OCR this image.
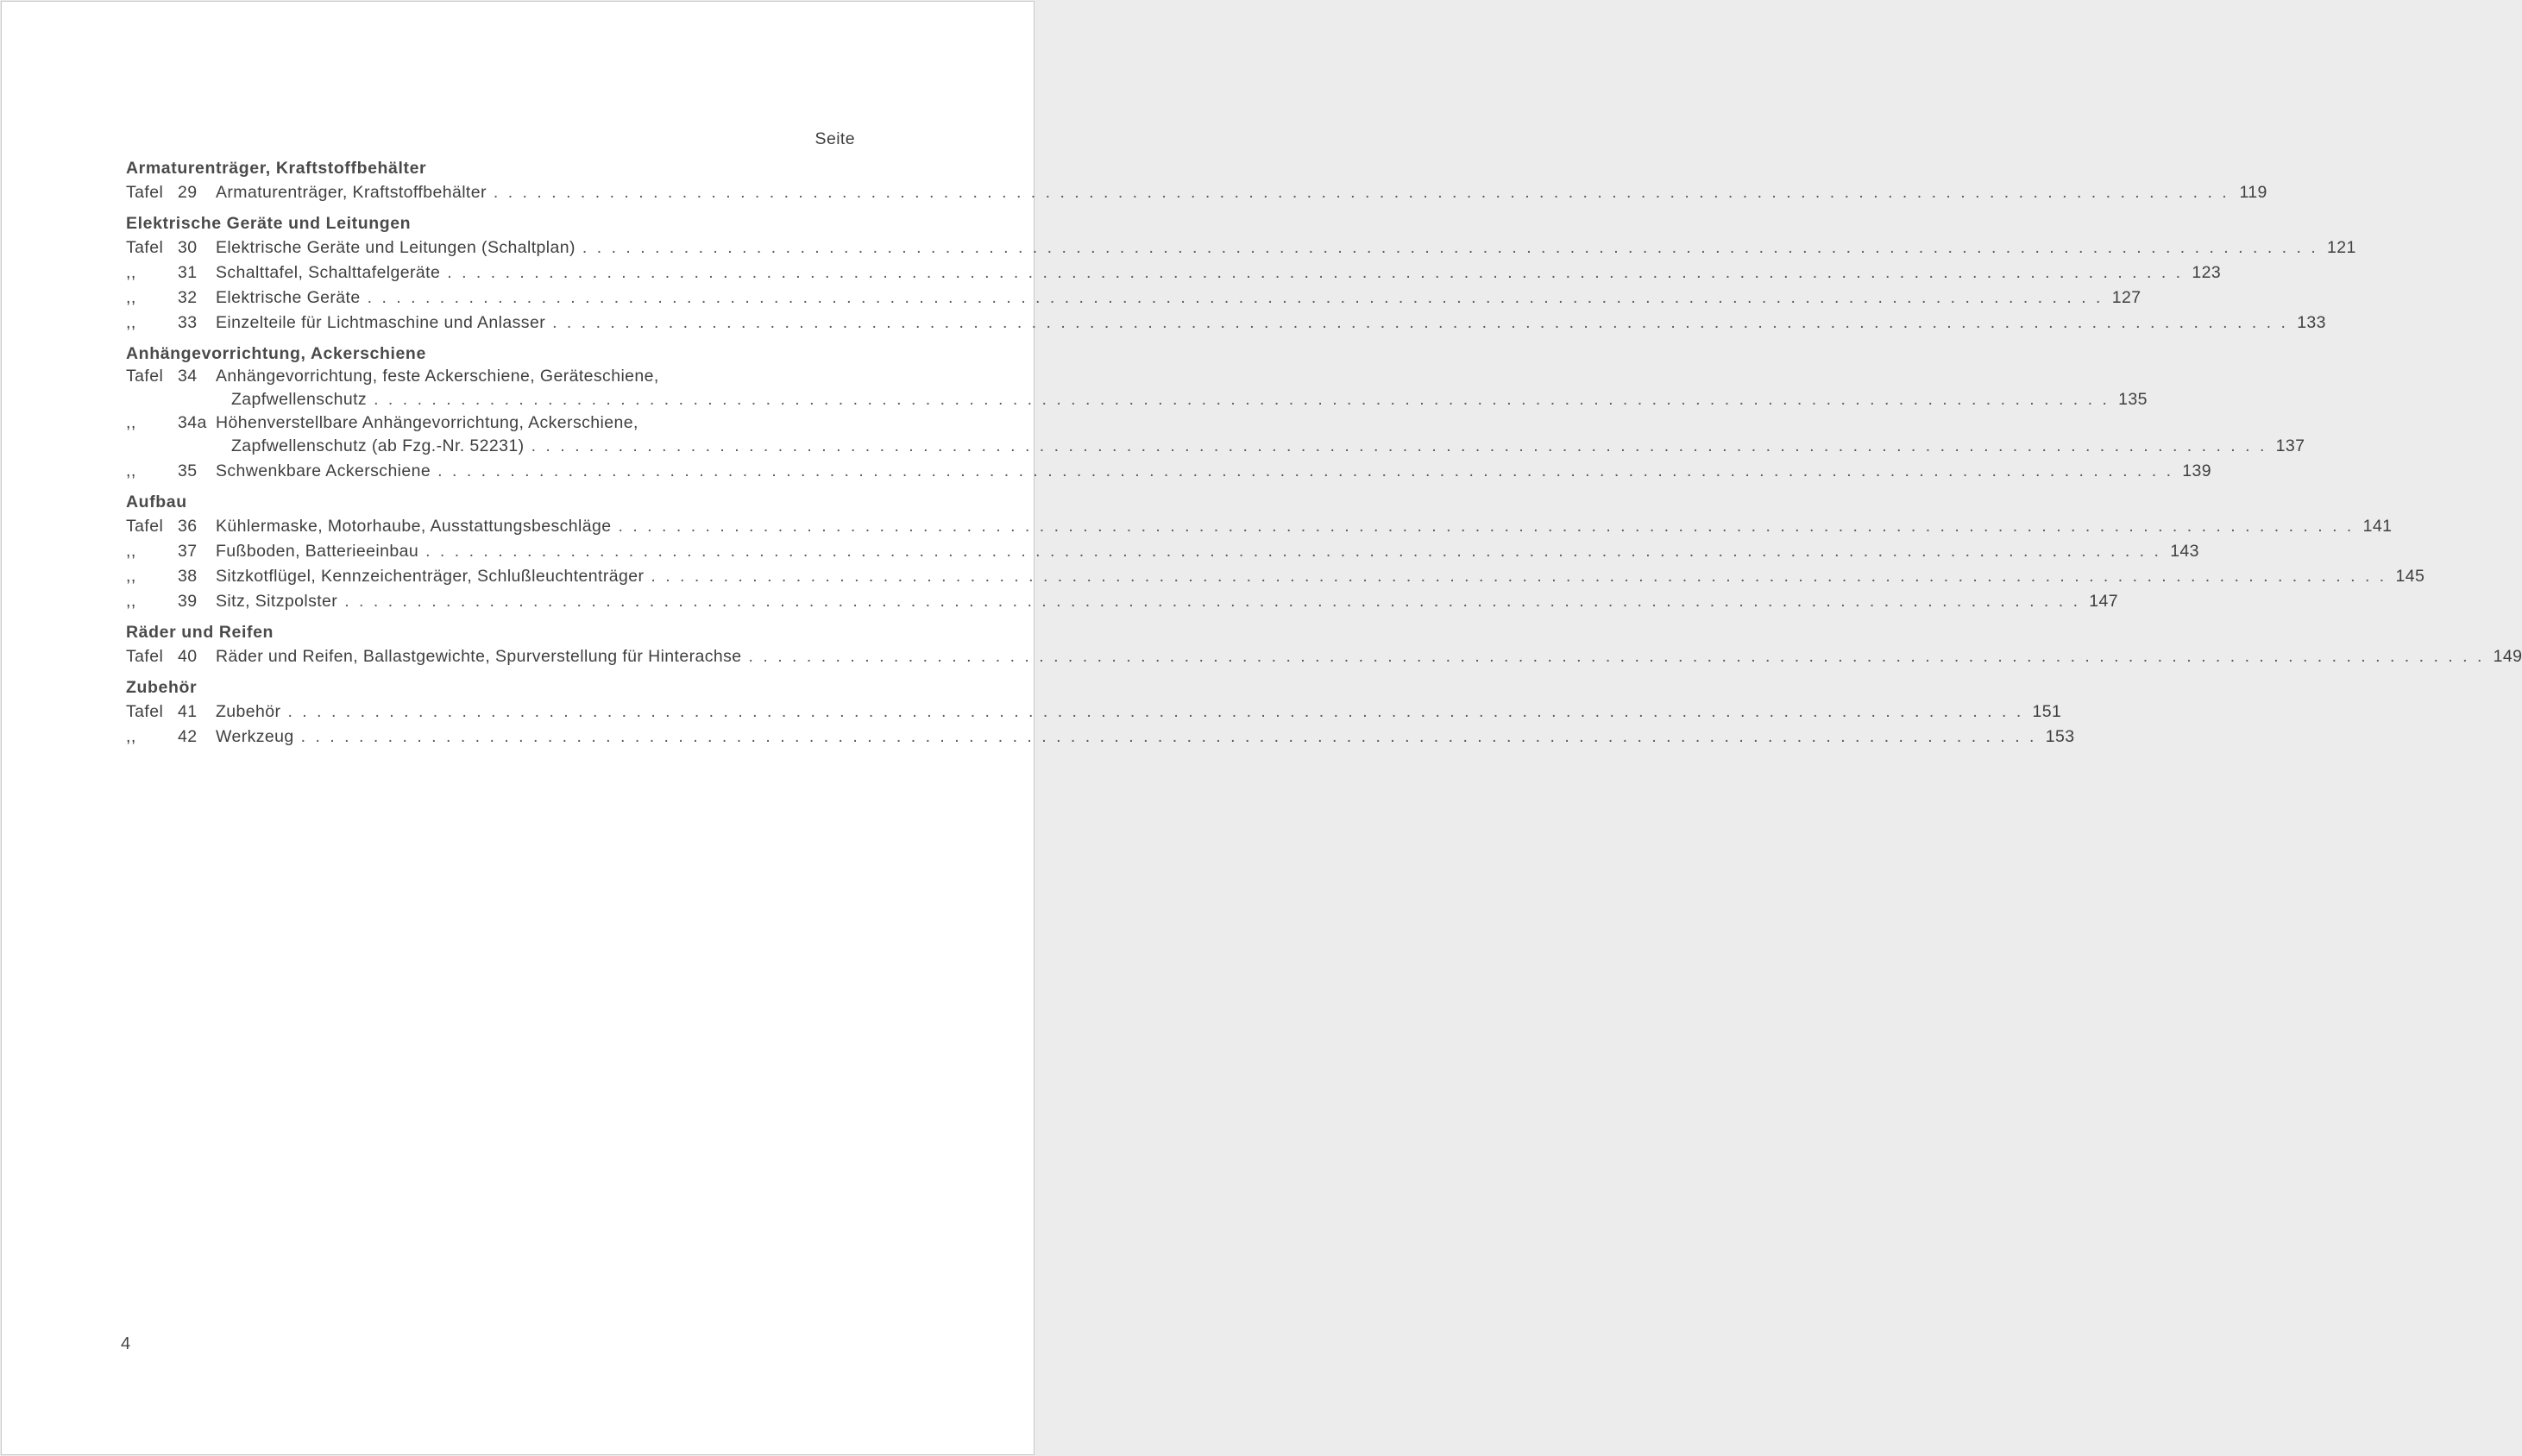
Seite
Armaturenträger, Kraftstoffbehälter
Tafel 29	Armaturenträger, Kraftstoffbehälter . . . . . . . . . . . . . . . . . . . . . . . . . . . . . . . . . . . . . . . . . . . . . . . . . . . . . . . . . . . . . . . . . . . . . . . . . . . . . . . . . . . . . . . . . . . . . . . . . . . . . . . . . . . . . . . . . . . . . . . . 119
Elektrische Geräte und Leitungen
Tafel 30	Elektrische Geräte und Leitungen (Schaltplan) . . . . . . . . . . . . . . . . . . . . . . . . . . . . . . . . . . . . . . . . . . . . . . . . . . . . . . . . . . . . . . . . . . . . . . . . . . . . . . . . . . . . . . . . . . . . . . . . . . . . . . . . . . . . . . . . . . . . . . . . 121
,,	31	Schalttafel, Schalttafelgeräte . . . . . . . . . . . . . . . . . . . . . . . . . . . . . . . . . . . . . . . . . . . . . . . . . . . . . . . . . . . . . . . . . . . . . . . . . . . . . . . . . . . . . . . . . . . . . . . . . . . . . . . . . . . . . . . . . . . . . . . . 123
,,	32	Elektrische Geräte . . . . . . . . . . . . . . . . . . . . . . . . . . . . . . . . . . . . . . . . . . . . . . . . . . . . . . . . . . . . . . . . . . . . . . . . . . . . . . . . . . . . . . . . . . . . . . . . . . . . . . . . . . . . . . . . . . . . . . . . 127
,,	33	Einzelteile für Lichtmaschine und Anlasser . . . . . . . . . . . . . . . . . . . . . . . . . . . . . . . . . . . . . . . . . . . . . . . . . . . . . . . . . . . . . . . . . . . . . . . . . . . . . . . . . . . . . . . . . . . . . . . . . . . . . . . . . . . . . . . . . . . . . . . . 133
Anhängevorrichtung, Ackerschiene
Tafel 34	Anhängevorrichtung, feste Ackerschiene, Geräteschiene,
Zapfwellenschutz . . . . . . . . . . . . . . . . . . . . . . . . . . . . . . . . . . . . . . . . . . . . . . . . . . . . . . . . . . . . . . . . . . . . . . . . . . . . . . . . . . . . . . . . . . . . . . . . . . . . . . . . . . . . . . . . . . . . . . . . 135
,,	34a Höhenverstellbare Anhängevorrichtung, Ackerschiene,
Zapfwellenschutz (ab Fzg.-Nr. 52231) . . . . . . . . . . . . . . . . . . . . . . . . . . . . . . . . . . . . . . . . . . . . . . . . . . . . . . . . . . . . . . . . . . . . . . . . . . . . . . . . . . . . . . . . . . . . . . . . . . . . . . . . . . . . . . . . . . . . . . . . 137
,,	35	Schwenkbare Ackerschiene . . . . . . . . . . . . . . . . . . . . . . . . . . . . . . . . . . . . . . . . . . . . . . . . . . . . . . . . . . . . . . . . . . . . . . . . . . . . . . . . . . . . . . . . . . . . . . . . . . . . . . . . . . . . . . . . . . . . . . . . 139
Aufbau
Tafel 36	Kühlermaske, Motorhaube, Ausstattungsbeschläge . . . . . . . . . . . . . . . . . . . . . . . . . . . . . . . . . . . . . . . . . . . . . . . . . . . . . . . . . . . . . . . . . . . . . . . . . . . . . . . . . . . . . . . . . . . . . . . . . . . . . . . . . . . . . . . . . . . . . . . . 141
,,	37	Fußboden, Batterieeinbau . . . . . . . . . . . . . . . . . . . . . . . . . . . . . . . . . . . . . . . . . . . . . . . . . . . . . . . . . . . . . . . . . . . . . . . . . . . . . . . . . . . . . . . . . . . . . . . . . . . . . . . . . . . . . . . . . . . . . . . . 143
,,	38	Sitzkotflügel, Kennzeichenträger, Schlußleuchtenträger . . . . . . . . . . . . . . . . . . . . . . . . . . . . . . . . . . . . . . . . . . . . . . . . . . . . . . . . . . . . . . . . . . . . . . . . . . . . . . . . . . . . . . . . . . . . . . . . . . . . . . . . . . . . . . . . . . . . . . . . 145
,,	39	Sitz, Sitzpolster . . . . . . . . . . . . . . . . . . . . . . . . . . . . . . . . . . . . . . . . . . . . . . . . . . . . . . . . . . . . . . . . . . . . . . . . . . . . . . . . . . . . . . . . . . . . . . . . . . . . . . . . . . . . . . . . . . . . . . . . 147
Räder und Reifen
Tafel 40	Räder und Reifen, Ballastgewichte, Spurverstellung für Hinterachse . . . . . . . . . . . . . . . . . . . . . . . . . . . . . . . . . . . . . . . . . . . . . . . . . . . . . . . . . . . . . . . . . . . . . . . . . . . . . . . . . . . . . . . . . . . . . . . . . . . . . . . . . . . . . . . . . . . . . . . . 149
Zubehör
Tafel 41	Zubehör . . . . . . . . . . . . . . . . . . . . . . . . . . . . . . . . . . . . . . . . . . . . . . . . . . . . . . . . . . . . . . . . . . . . . . . . . . . . . . . . . . . . . . . . . . . . . . . . . . . . . . . . . . . . . . . . . . . . . . . . 151
,,	42	Werkzeug . . . . . . . . . . . . . . . . . . . . . . . . . . . . . . . . . . . . . . . . . . . . . . . . . . . . . . . . . . . . . . . . . . . . . . . . . . . . . . . . . . . . . . . . . . . . . . . . . . . . . . . . . . . . . . . . . . . . . . . . 153
4
